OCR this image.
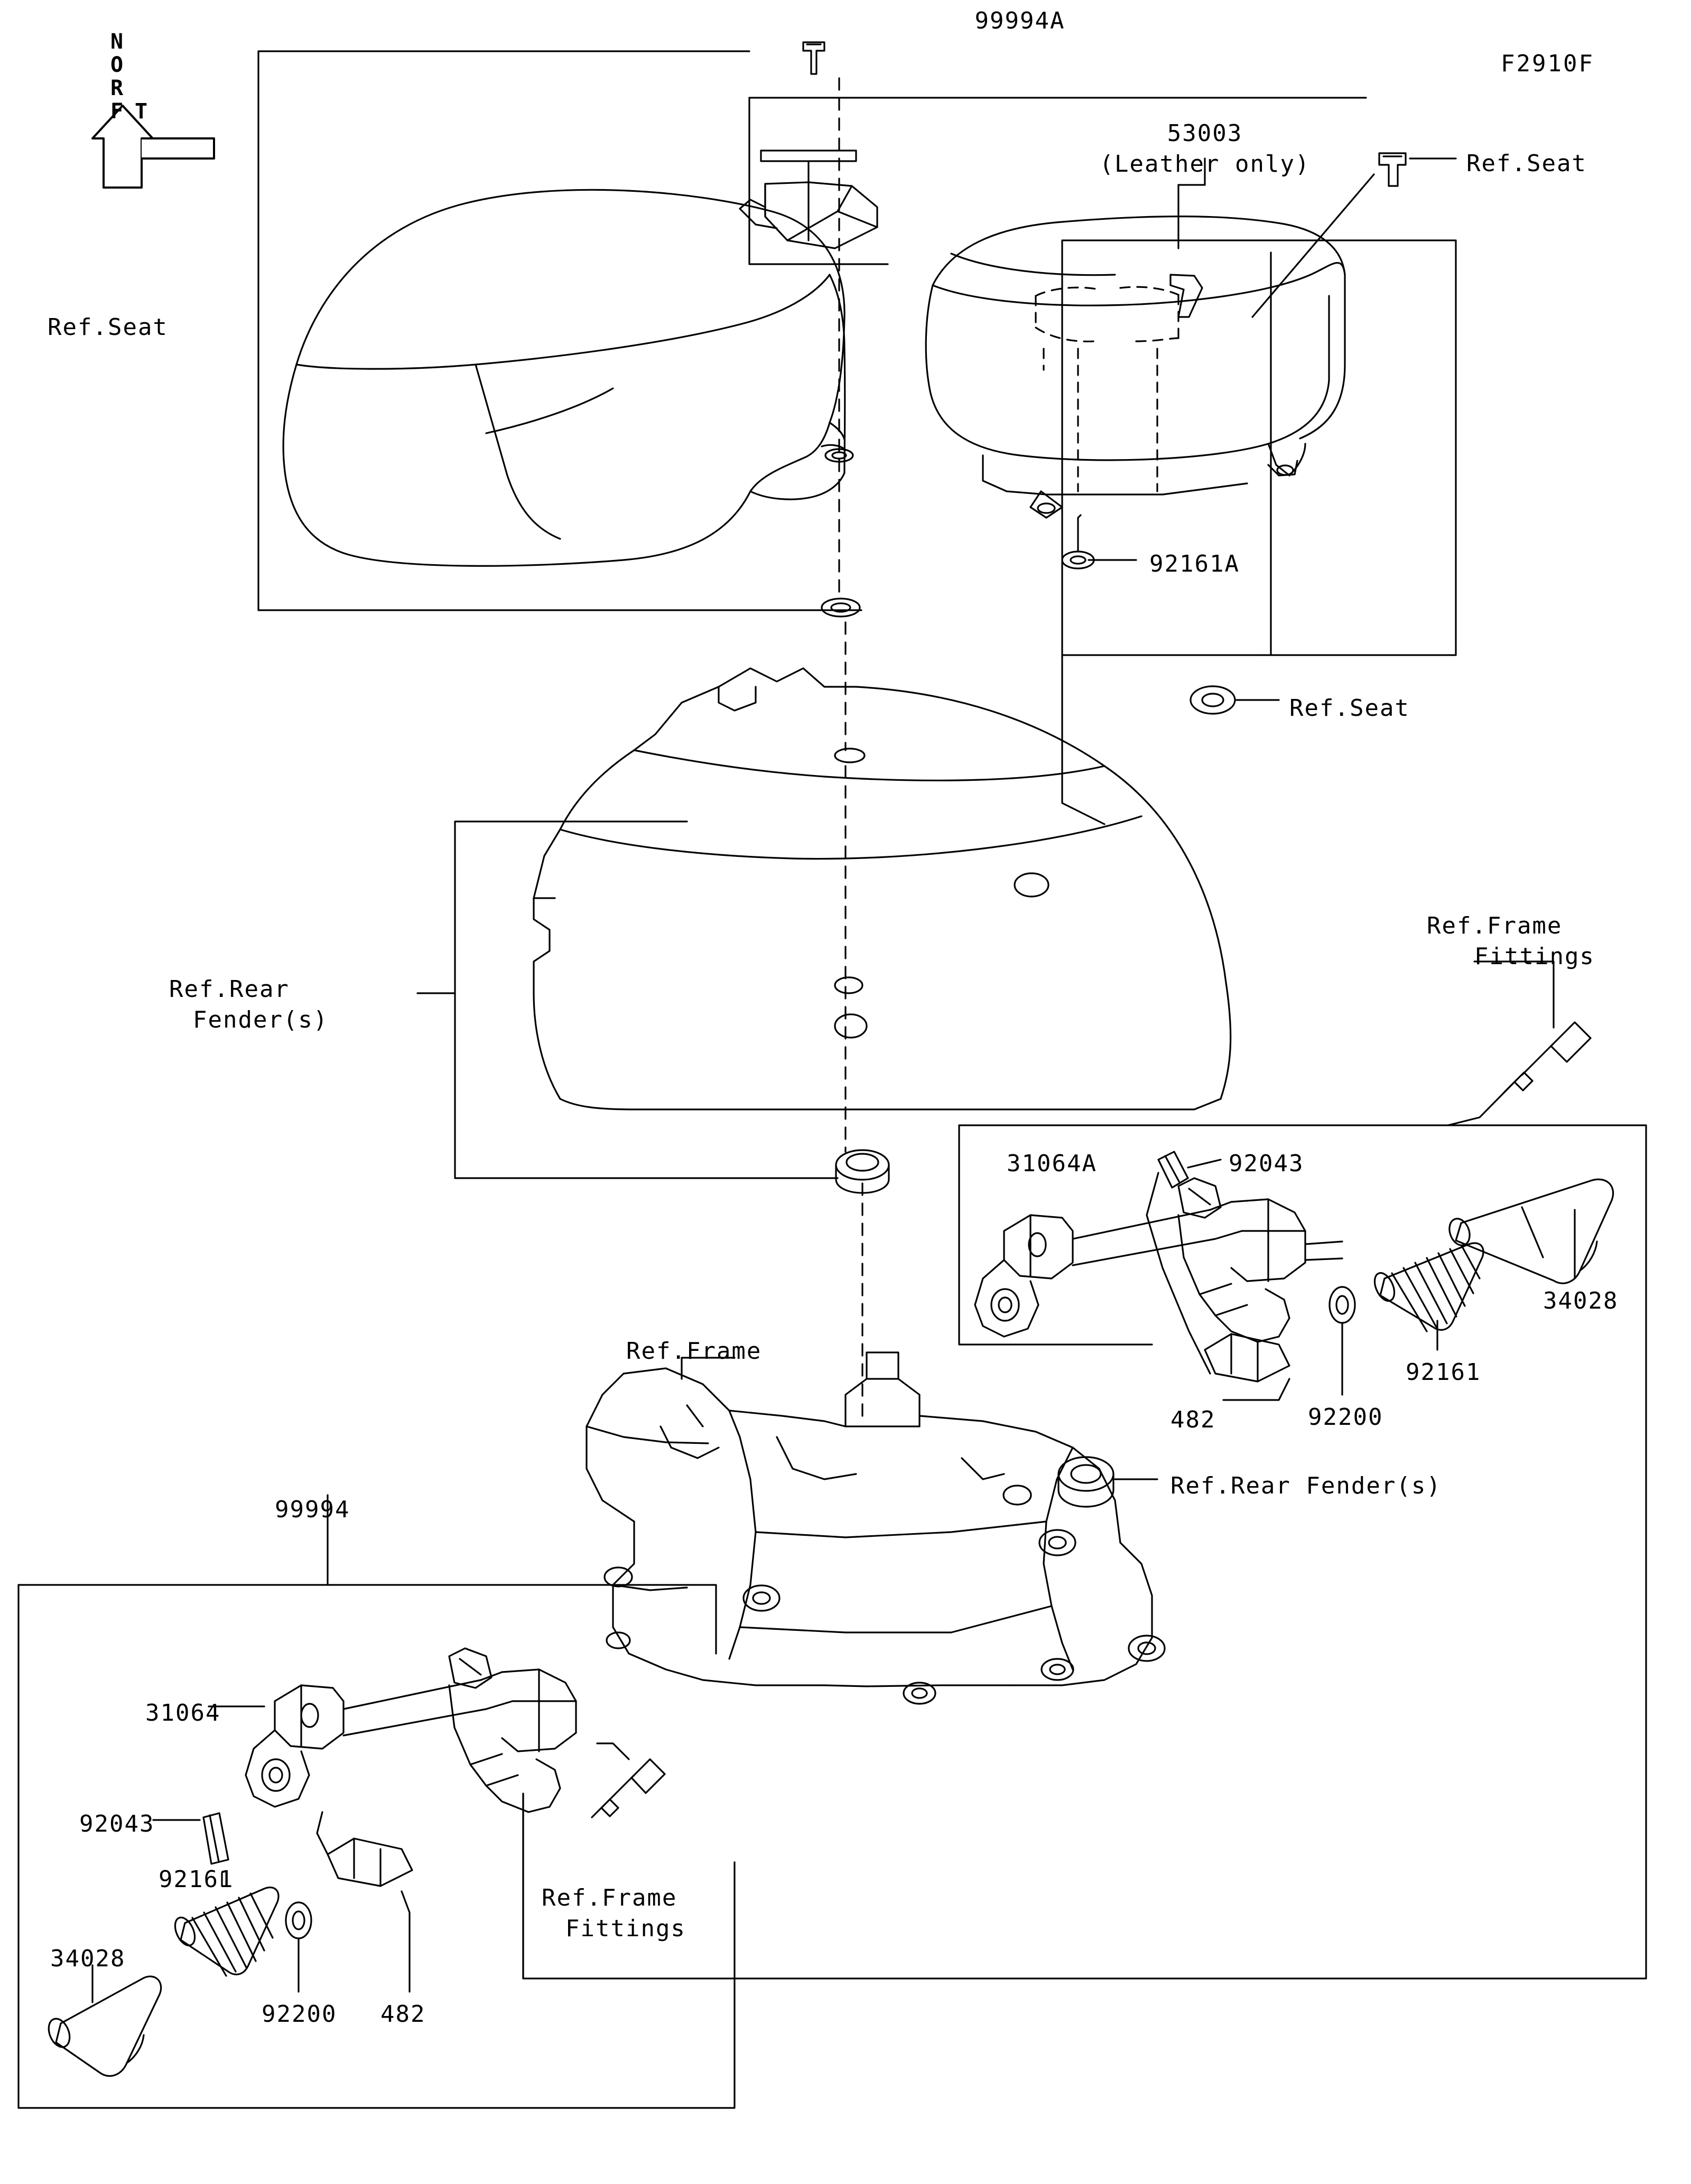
FRONT
F2910F
99994A
53003
(Leather only)	Ref.Seat
Ref.Seat
92161A
Ref.Seat
Ref.Rear
Fender(s)
Ref.Frame
Fittings
31064A	92043
34028
92161
92200
482
Ref.Frame
Ref.Rear Fender(s)
99994
31064
92043
92161
34028
92200 482
Ref.Frame
Fittings
